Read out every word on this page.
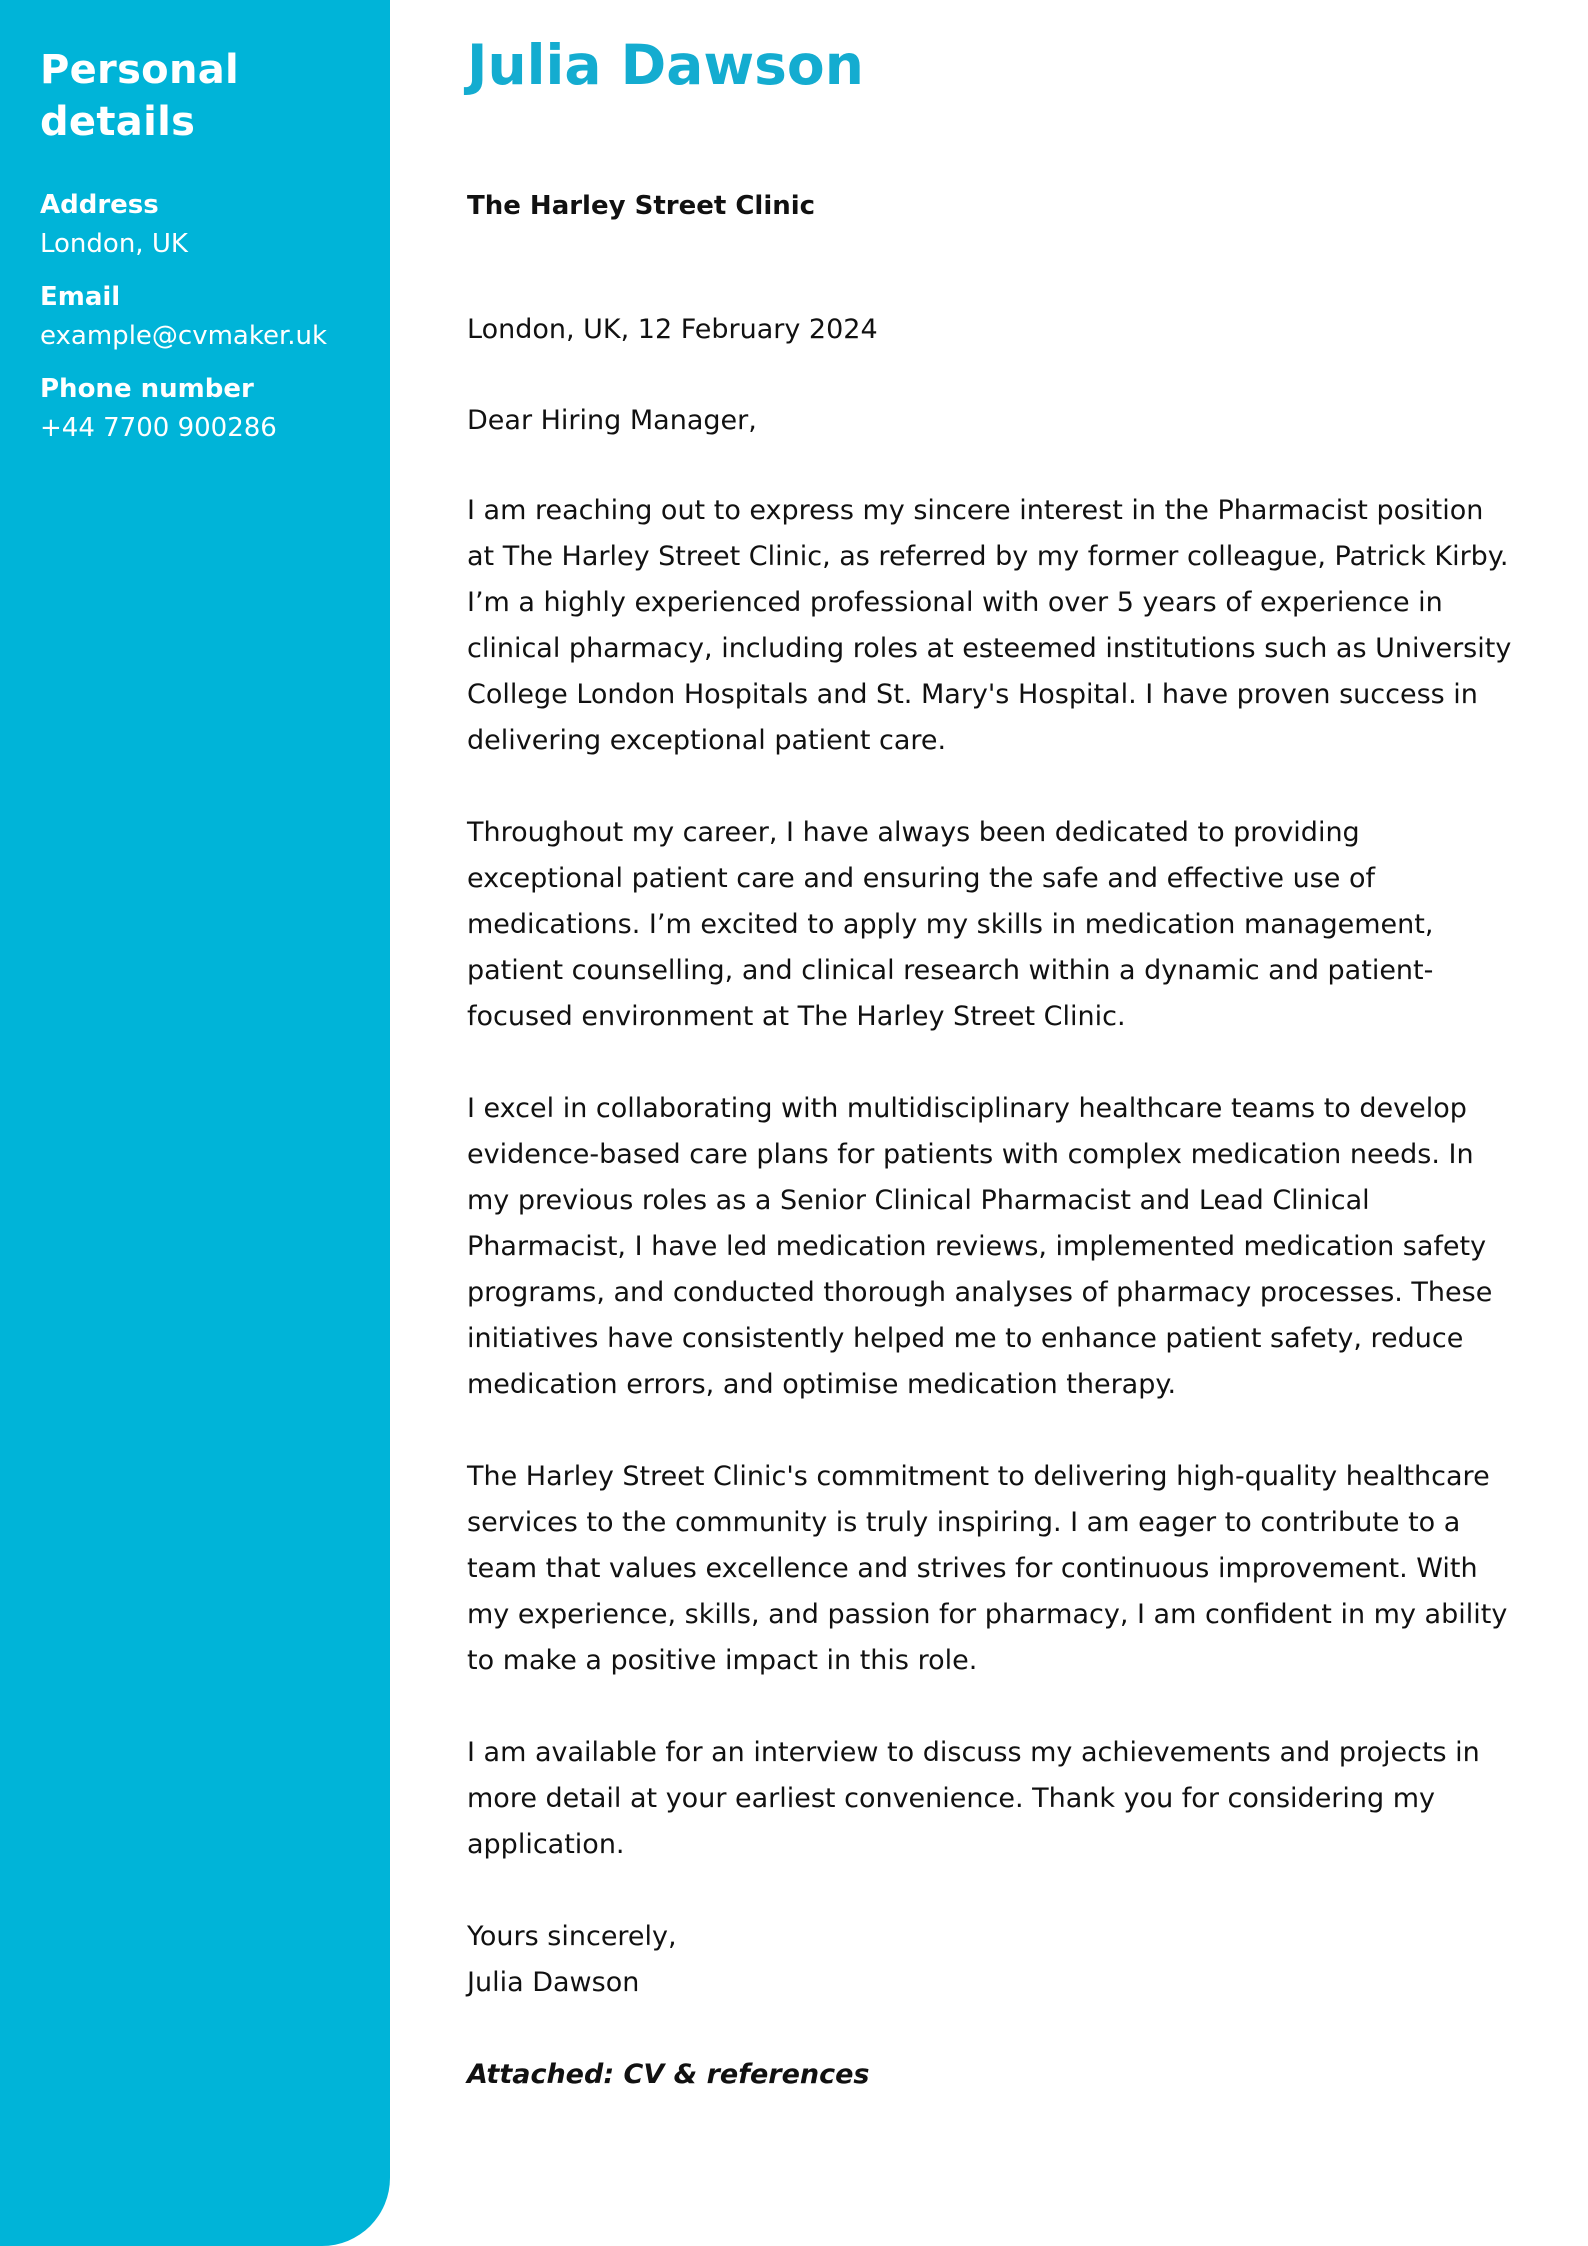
Personal details
Address
London, UK
Email
example@cvmaker.uk
Phone number
+44 7700 900286
Julia Dawson
The Harley Street Clinic
London, UK, 12 February 2024

Dear Hiring Manager,

I am reaching out to express my sincere interest in the Pharmacist position at The Harley Street Clinic, as referred by my former colleague, Patrick Kirby. I’m a highly experienced professional with over 5 years of experience in clinical pharmacy, including roles at esteemed institutions such as University College London Hospitals and St. Mary's Hospital. I have proven success in delivering exceptional patient care.

Throughout my career, I have always been dedicated to providing exceptional patient care and ensuring the safe and effective use of medications. I’m excited to apply my skills in medication management, patient counselling, and clinical research within a dynamic and patient-focused environment at The Harley Street Clinic.

I excel in collaborating with multidisciplinary healthcare teams to develop evidence-based care plans for patients with complex medication needs. In my previous roles as a Senior Clinical Pharmacist and Lead Clinical Pharmacist, I have led medication reviews, implemented medication safety programs, and conducted thorough analyses of pharmacy processes. These initiatives have consistently helped me to enhance patient safety, reduce medication errors, and optimise medication therapy.

The Harley Street Clinic's commitment to delivering high-quality healthcare services to the community is truly inspiring. I am eager to contribute to a team that values excellence and strives for continuous improvement. With my experience, skills, and passion for pharmacy, I am confident in my ability to make a positive impact in this role.

I am available for an interview to discuss my achievements and projects in more detail at your earliest convenience. Thank you for considering my application.

Yours sincerely,

Julia Dawson

Attached: CV & references
